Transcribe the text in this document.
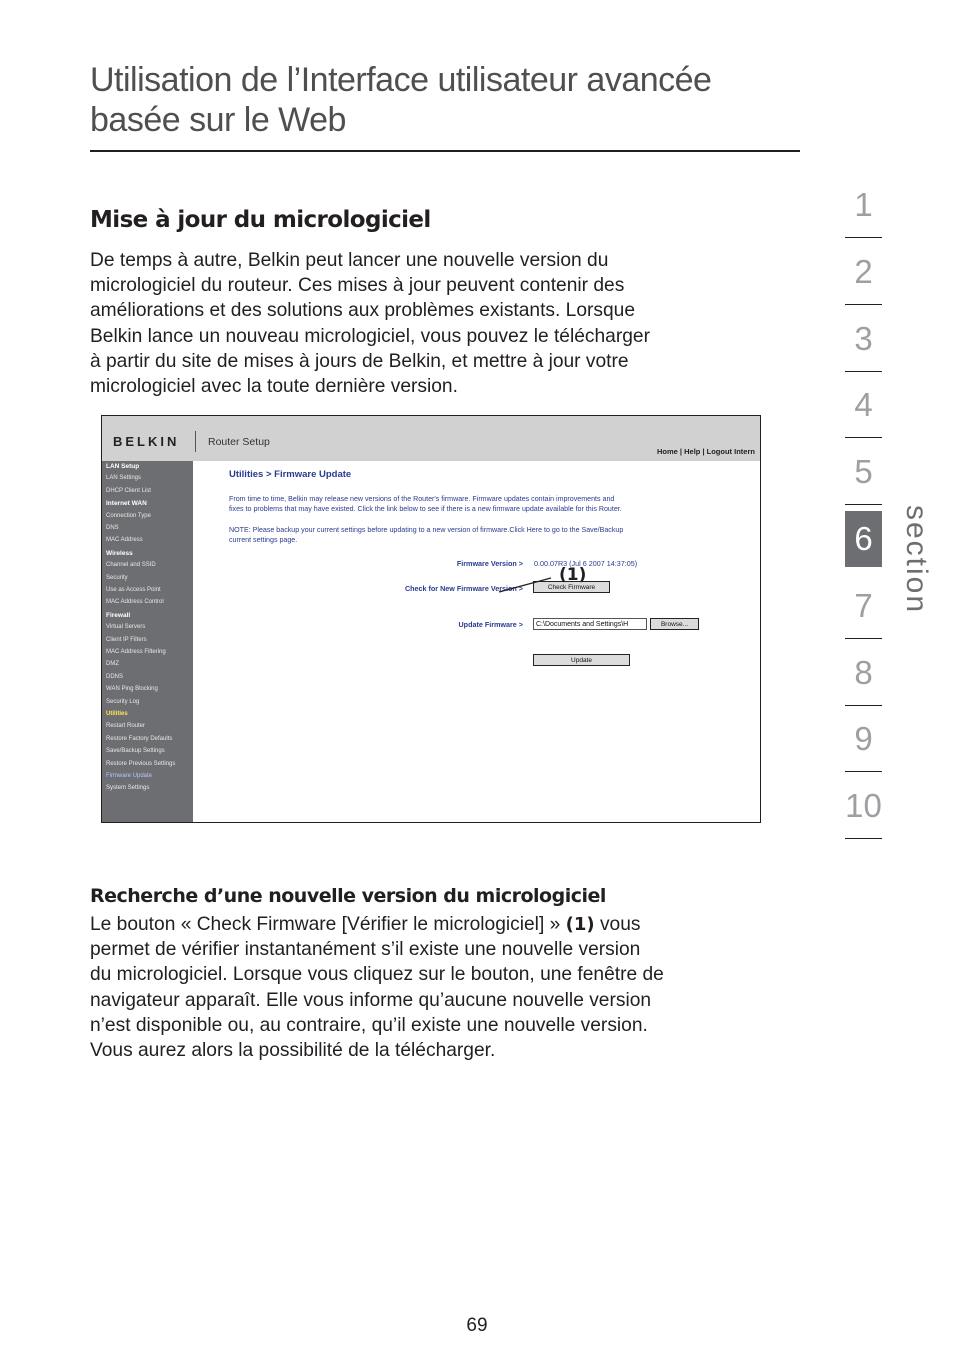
Utilisation de l’Interface utilisateur avancée
basée sur le Web
Mise à jour du micrologiciel
De temps à autre, Belkin peut lancer une nouvelle version du
micrologiciel du routeur. Ces mises à jour peuvent contenir des
améliorations et des solutions aux problèmes existants. Lorsque
Belkin lance un nouveau micrologiciel, vous pouvez le télécharger
à partir du site de mises à jours de Belkin, et mettre à jour votre
micrologiciel avec la toute dernière version.
BELKIN	Router Setup
Home | Help | Logout Intern
LAN Setup
LAN Settings
DHCP Client List
Internet WAN
Connection Type
DNS
MAC Address
Wireless
Channel and SSID
Security
Use as Access Point
MAC Address Control
Firewall
Virtual Servers
Client IP Filters
MAC Address Filtering
DMZ
DDNS
WAN Ping Blocking
Security Log
Utilities
Restart Router
Restore Factory Defaults
Save/Backup Settings
Restore Previous Settings
Firmware Update
System Settings
Utilities > Firmware Update
From time to time, Belkin may release new versions of the Router's firmware. Firmware updates contain improvements and
fixes to problems that may have existed. Click the link below to see if there is a new firmware update available for this Router.
NOTE: Please backup your current settings before updating to a new version of firmware.Click Here to go to the Save/Backup
current settings page.
Firmware Version > 0.00.07R3 (Jul 6 2007 14:37:05)
Check for New Firmware Version >	Check Firmware
Update Firmware >	C:\Documents and Settings\H	Browse...
Update
(1)
Recherche d’une nouvelle version du micrologiciel
Le bouton « Check Firmware [Vérifier le micrologiciel] » (1) vous
permet de vérifier instantanément s’il existe une nouvelle version
du micrologiciel. Lorsque vous cliquez sur le bouton, une fenêtre de
navigateur apparaît. Elle vous informe qu’aucune nouvelle version
n’est disponible ou, au contraire, qu’il existe une nouvelle version.
Vous aurez alors la possibilité de la télécharger.
1
2
3
4
5
6
7
8
9
10
section
69
